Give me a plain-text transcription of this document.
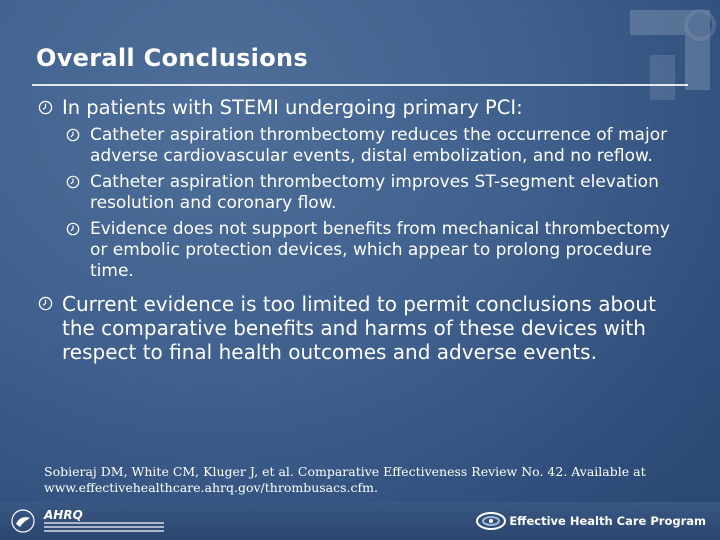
Overall Conclusions
In patients with STEMI undergoing primary PCI:
Catheter aspiration thrombectomy reduces the occurrence of major adverse cardiovascular events, distal embolization, and no reflow.
Catheter aspiration thrombectomy improves ST-segment elevation resolution and coronary flow.
Evidence does not support benefits from mechanical thrombectomy or embolic protection devices, which appear to prolong procedure time.
Current evidence is too limited to permit conclusions about the comparative benefits and harms of these devices with respect to final health outcomes and adverse events.
Sobieraj DM, White CM, Kluger J, et al. Comparative Effectiveness Review No. 42. Available at
www.effectivehealthcare.ahrq.gov/thrombusacs.cfm.
AHRQ	Effective Health Care Program
